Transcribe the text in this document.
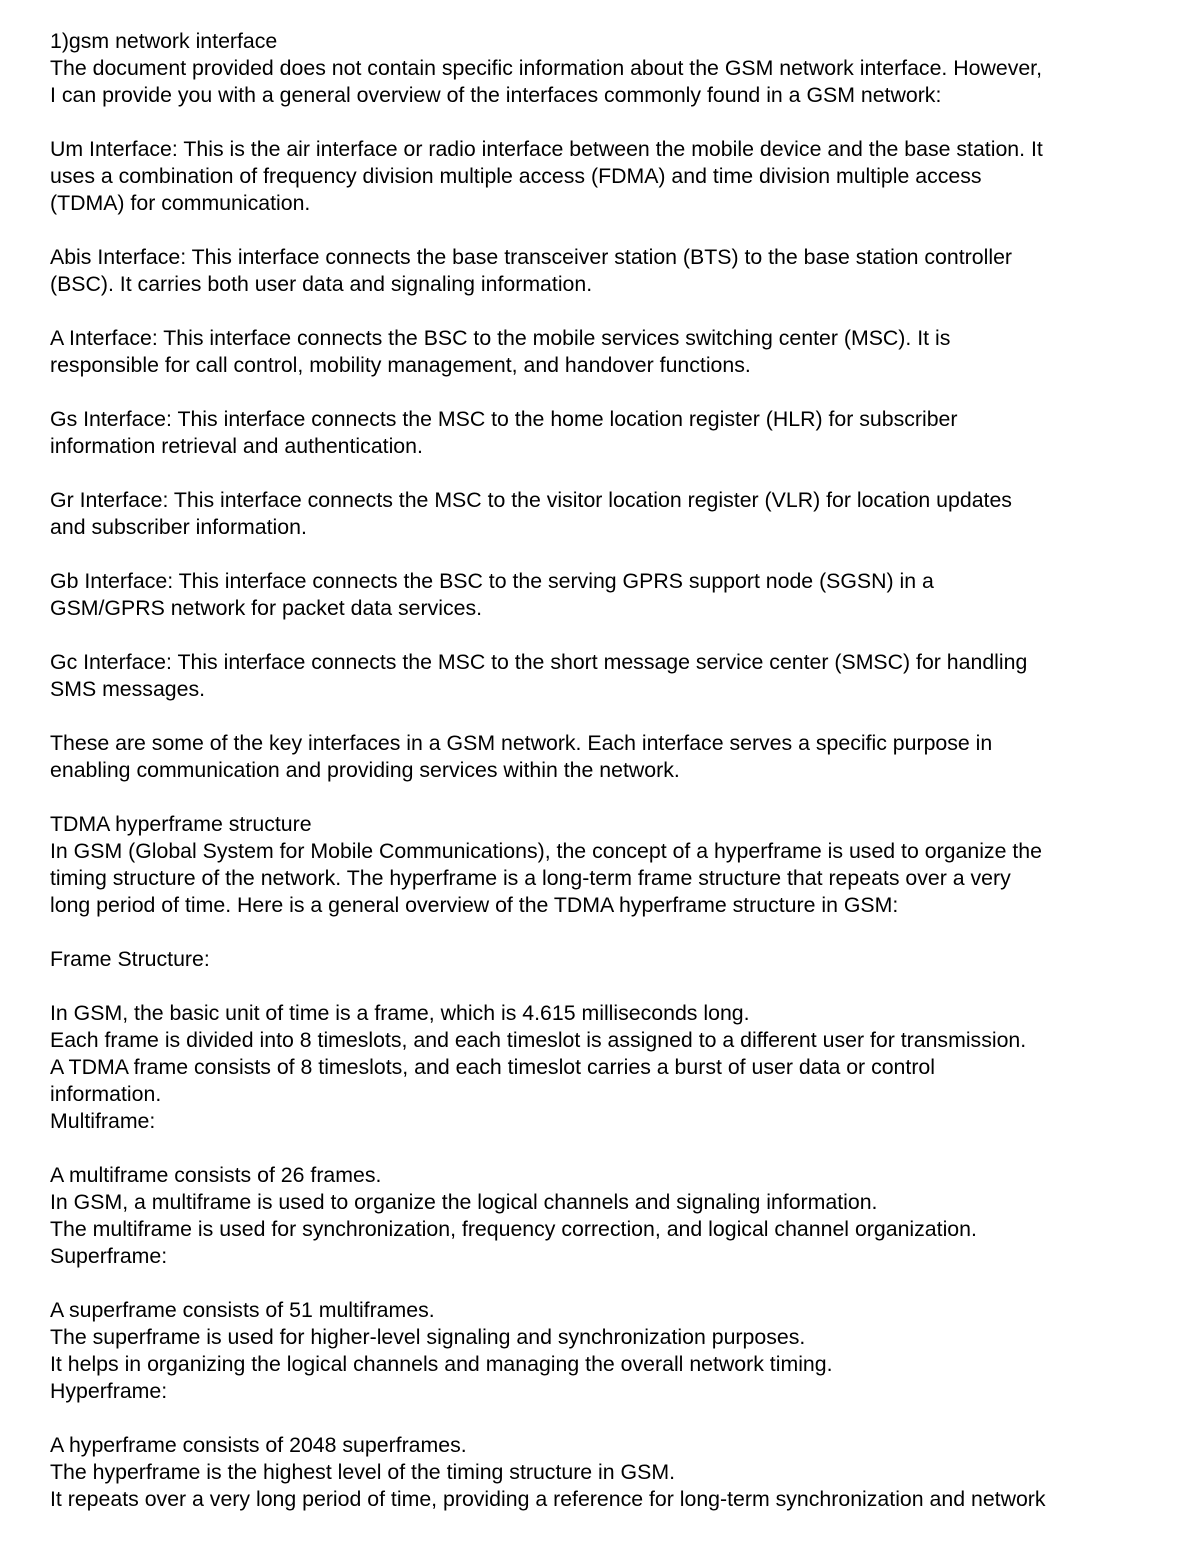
1)gsm network interface
The document provided does not contain specific information about the GSM network interface. However,
I can provide you with a general overview of the interfaces commonly found in a GSM network:
Um Interface: This is the air interface or radio interface between the mobile device and the base station. It
uses a combination of frequency division multiple access (FDMA) and time division multiple access
(TDMA) for communication.
Abis Interface: This interface connects the base transceiver station (BTS) to the base station controller
(BSC). It carries both user data and signaling information.
A Interface: This interface connects the BSC to the mobile services switching center (MSC). It is
responsible for call control, mobility management, and handover functions.
Gs Interface: This interface connects the MSC to the home location register (HLR) for subscriber
information retrieval and authentication.
Gr Interface: This interface connects the MSC to the visitor location register (VLR) for location updates
and subscriber information.
Gb Interface: This interface connects the BSC to the serving GPRS support node (SGSN) in a
GSM/GPRS network for packet data services.
Gc Interface: This interface connects the MSC to the short message service center (SMSC) for handling
SMS messages.
These are some of the key interfaces in a GSM network. Each interface serves a specific purpose in
enabling communication and providing services within the network.
TDMA hyperframe structure
In GSM (Global System for Mobile Communications), the concept of a hyperframe is used to organize the
timing structure of the network. The hyperframe is a long-term frame structure that repeats over a very
long period of time. Here is a general overview of the TDMA hyperframe structure in GSM:
Frame Structure:
In GSM, the basic unit of time is a frame, which is 4.615 milliseconds long.
Each frame is divided into 8 timeslots, and each timeslot is assigned to a different user for transmission.
A TDMA frame consists of 8 timeslots, and each timeslot carries a burst of user data or control
information.
Multiframe:
A multiframe consists of 26 frames.
In GSM, a multiframe is used to organize the logical channels and signaling information.
The multiframe is used for synchronization, frequency correction, and logical channel organization.
Superframe:
A superframe consists of 51 multiframes.
The superframe is used for higher-level signaling and synchronization purposes.
It helps in organizing the logical channels and managing the overall network timing.
Hyperframe:
A hyperframe consists of 2048 superframes.
The hyperframe is the highest level of the timing structure in GSM.
It repeats over a very long period of time, providing a reference for long-term synchronization and network
